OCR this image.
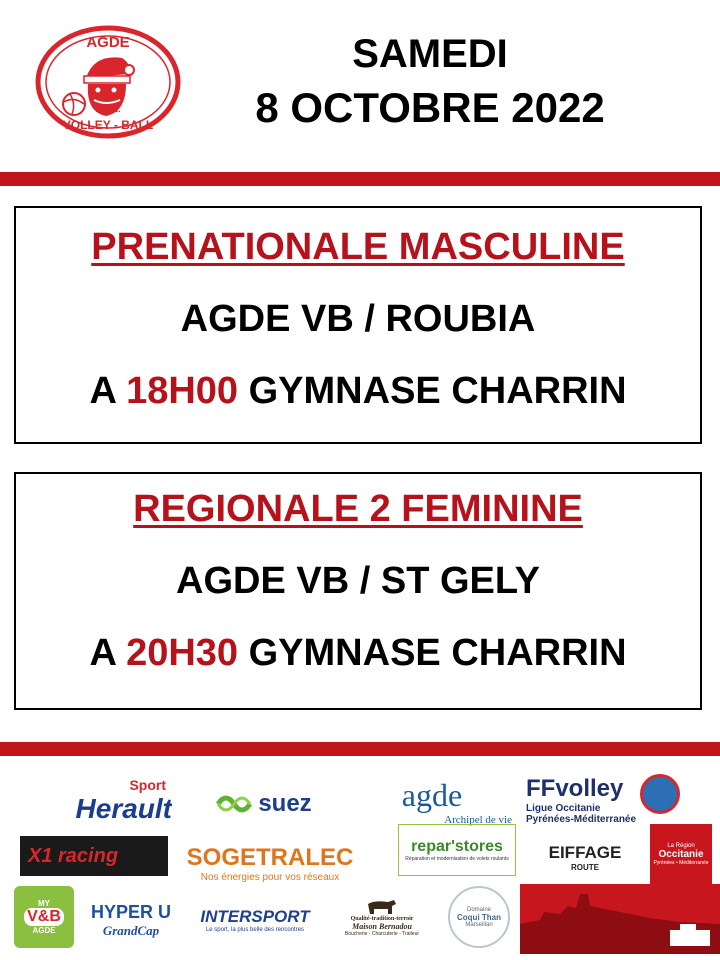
AGDE
.1962.
VOLLEY - BALL
SAMEDI
8 OCTOBRE 2022
PRENATIONALE MASCULINE
AGDE VB / ROUBIA
A 18H00 GYMNASE CHARRIN
REGIONALE 2 FEMININE
AGDE VB / ST GELY
A 20H30 GYMNASE CHARRIN
Sport
Herault	suez	agde
Archipel de vie
FFvolley
Ligue Occitanie
Pyrénées-Méditerranée
X1 racing	SOGETRALEC
Nos énergies pour vos réseaux
repar'stores
Réparation et modernisation de volets roulants EIFFAGE
ROUTE
La Région
Occitanie
Pyrénées • Méditerranée
MY
V&B
AGDE
HYPER U
GrandCap
INTERSPORT
Le sport, la plus belle des rencontres
Qualité-tradition-terroir
Maison Bernadou
Boucherie - Charcuterie - Traiteur
Domaine
Coqui Than
Marseillan
